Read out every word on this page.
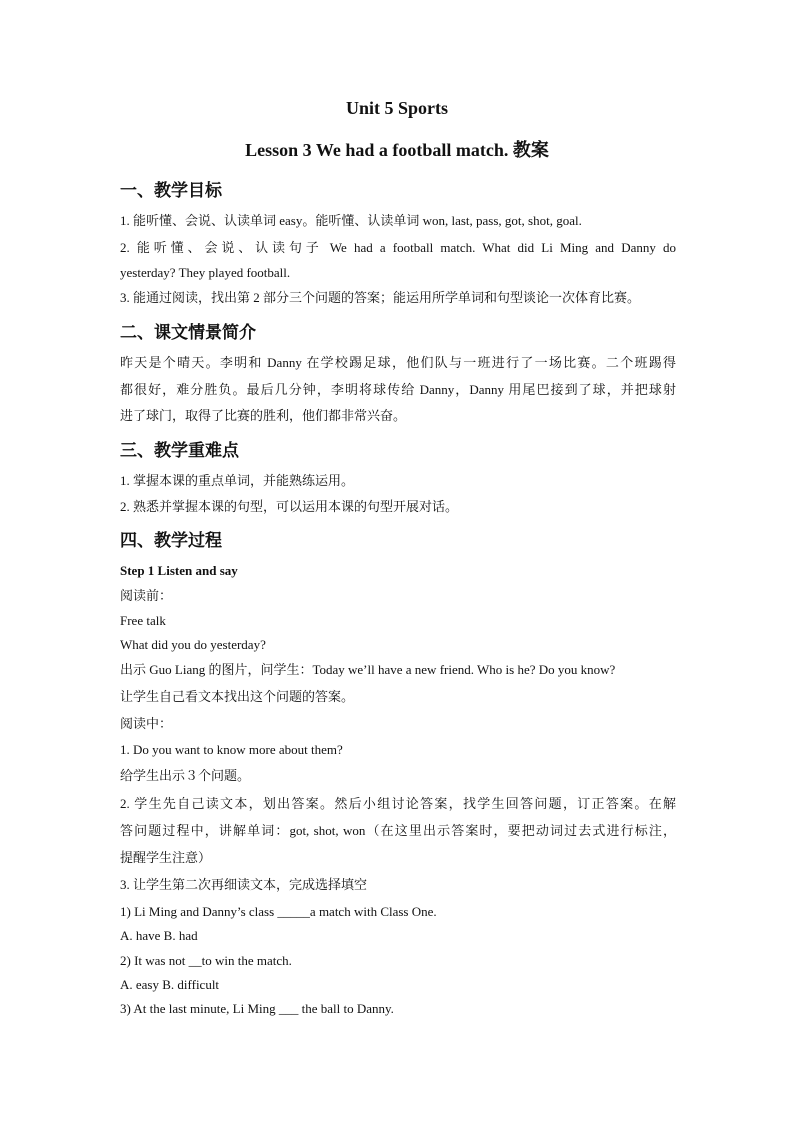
Unit 5 Sports
Lesson 3 We had a football match. 教案
一、教学目标
1. 能听懂、会说、认读单词 easy。能听懂、认读单词 won, last, pass, got, shot, goal.
2. 能听懂、会说、认读句子 We had a football match. What did Li Ming and Danny do
yesterday? They played football.
3. 能通过阅读，找出第 2 部分三个问题的答案；能运用所学单词和句型谈论一次体育比赛。
二、课文情景简介
昨天是个晴天。李明和 Danny 在学校踢足球，他们队与一班进行了一场比赛。二个班踢得
都很好，难分胜负。最后几分钟，李明将球传给 Danny，Danny 用尾巴接到了球，并把球射
进了球门，取得了比赛的胜利，他们都非常兴奋。
三、教学重难点
1. 掌握本课的重点单词，并能熟练运用。
2. 熟悉并掌握本课的句型，可以运用本课的句型开展对话。
四、教学过程
Step 1 Listen and say
阅读前：
Free talk
What did you do yesterday?
出示 Guo Liang 的图片，问学生：Today we’ll have a new friend. Who is he? Do you know?
让学生自己看文本找出这个问题的答案。
阅读中：
1. Do you want to know more about them?
给学生出示３个问题。
2. 学生先自己读文本，划出答案。然后小组讨论答案，找学生回答问题，订正答案。在解
答问题过程中，讲解单词：got, shot, won（在这里出示答案时，要把动词过去式进行标注，
提醒学生注意）
3. 让学生第二次再细读文本，完成选择填空
1) Li Ming and Danny’s class _____a match with Class One.
A. have B. had
2) It was not __to win the match.
A. easy B. difficult
3) At the last minute, Li Ming ___ the ball to Danny.
